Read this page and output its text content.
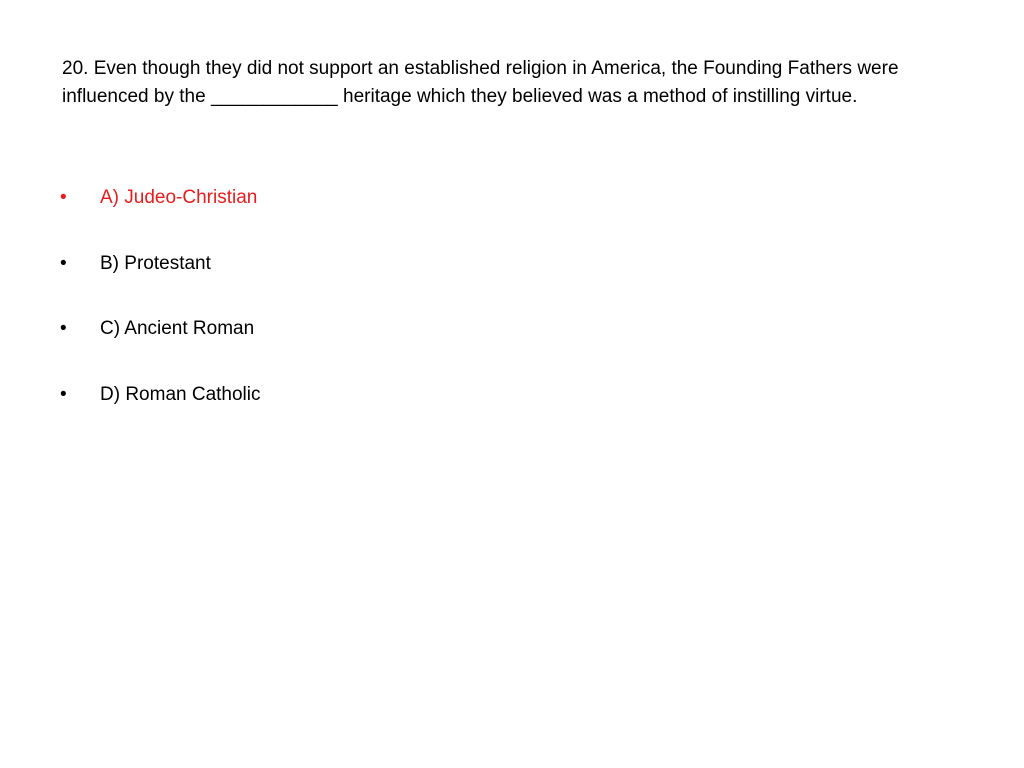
20. Even though they did not support an established religion in America, the Founding Fathers were influenced by the ____________ heritage which they believed was a method of instilling virtue.

•	A) Judeo-Christian
•	B) Protestant
•	C) Ancient Roman
•	D) Roman Catholic
